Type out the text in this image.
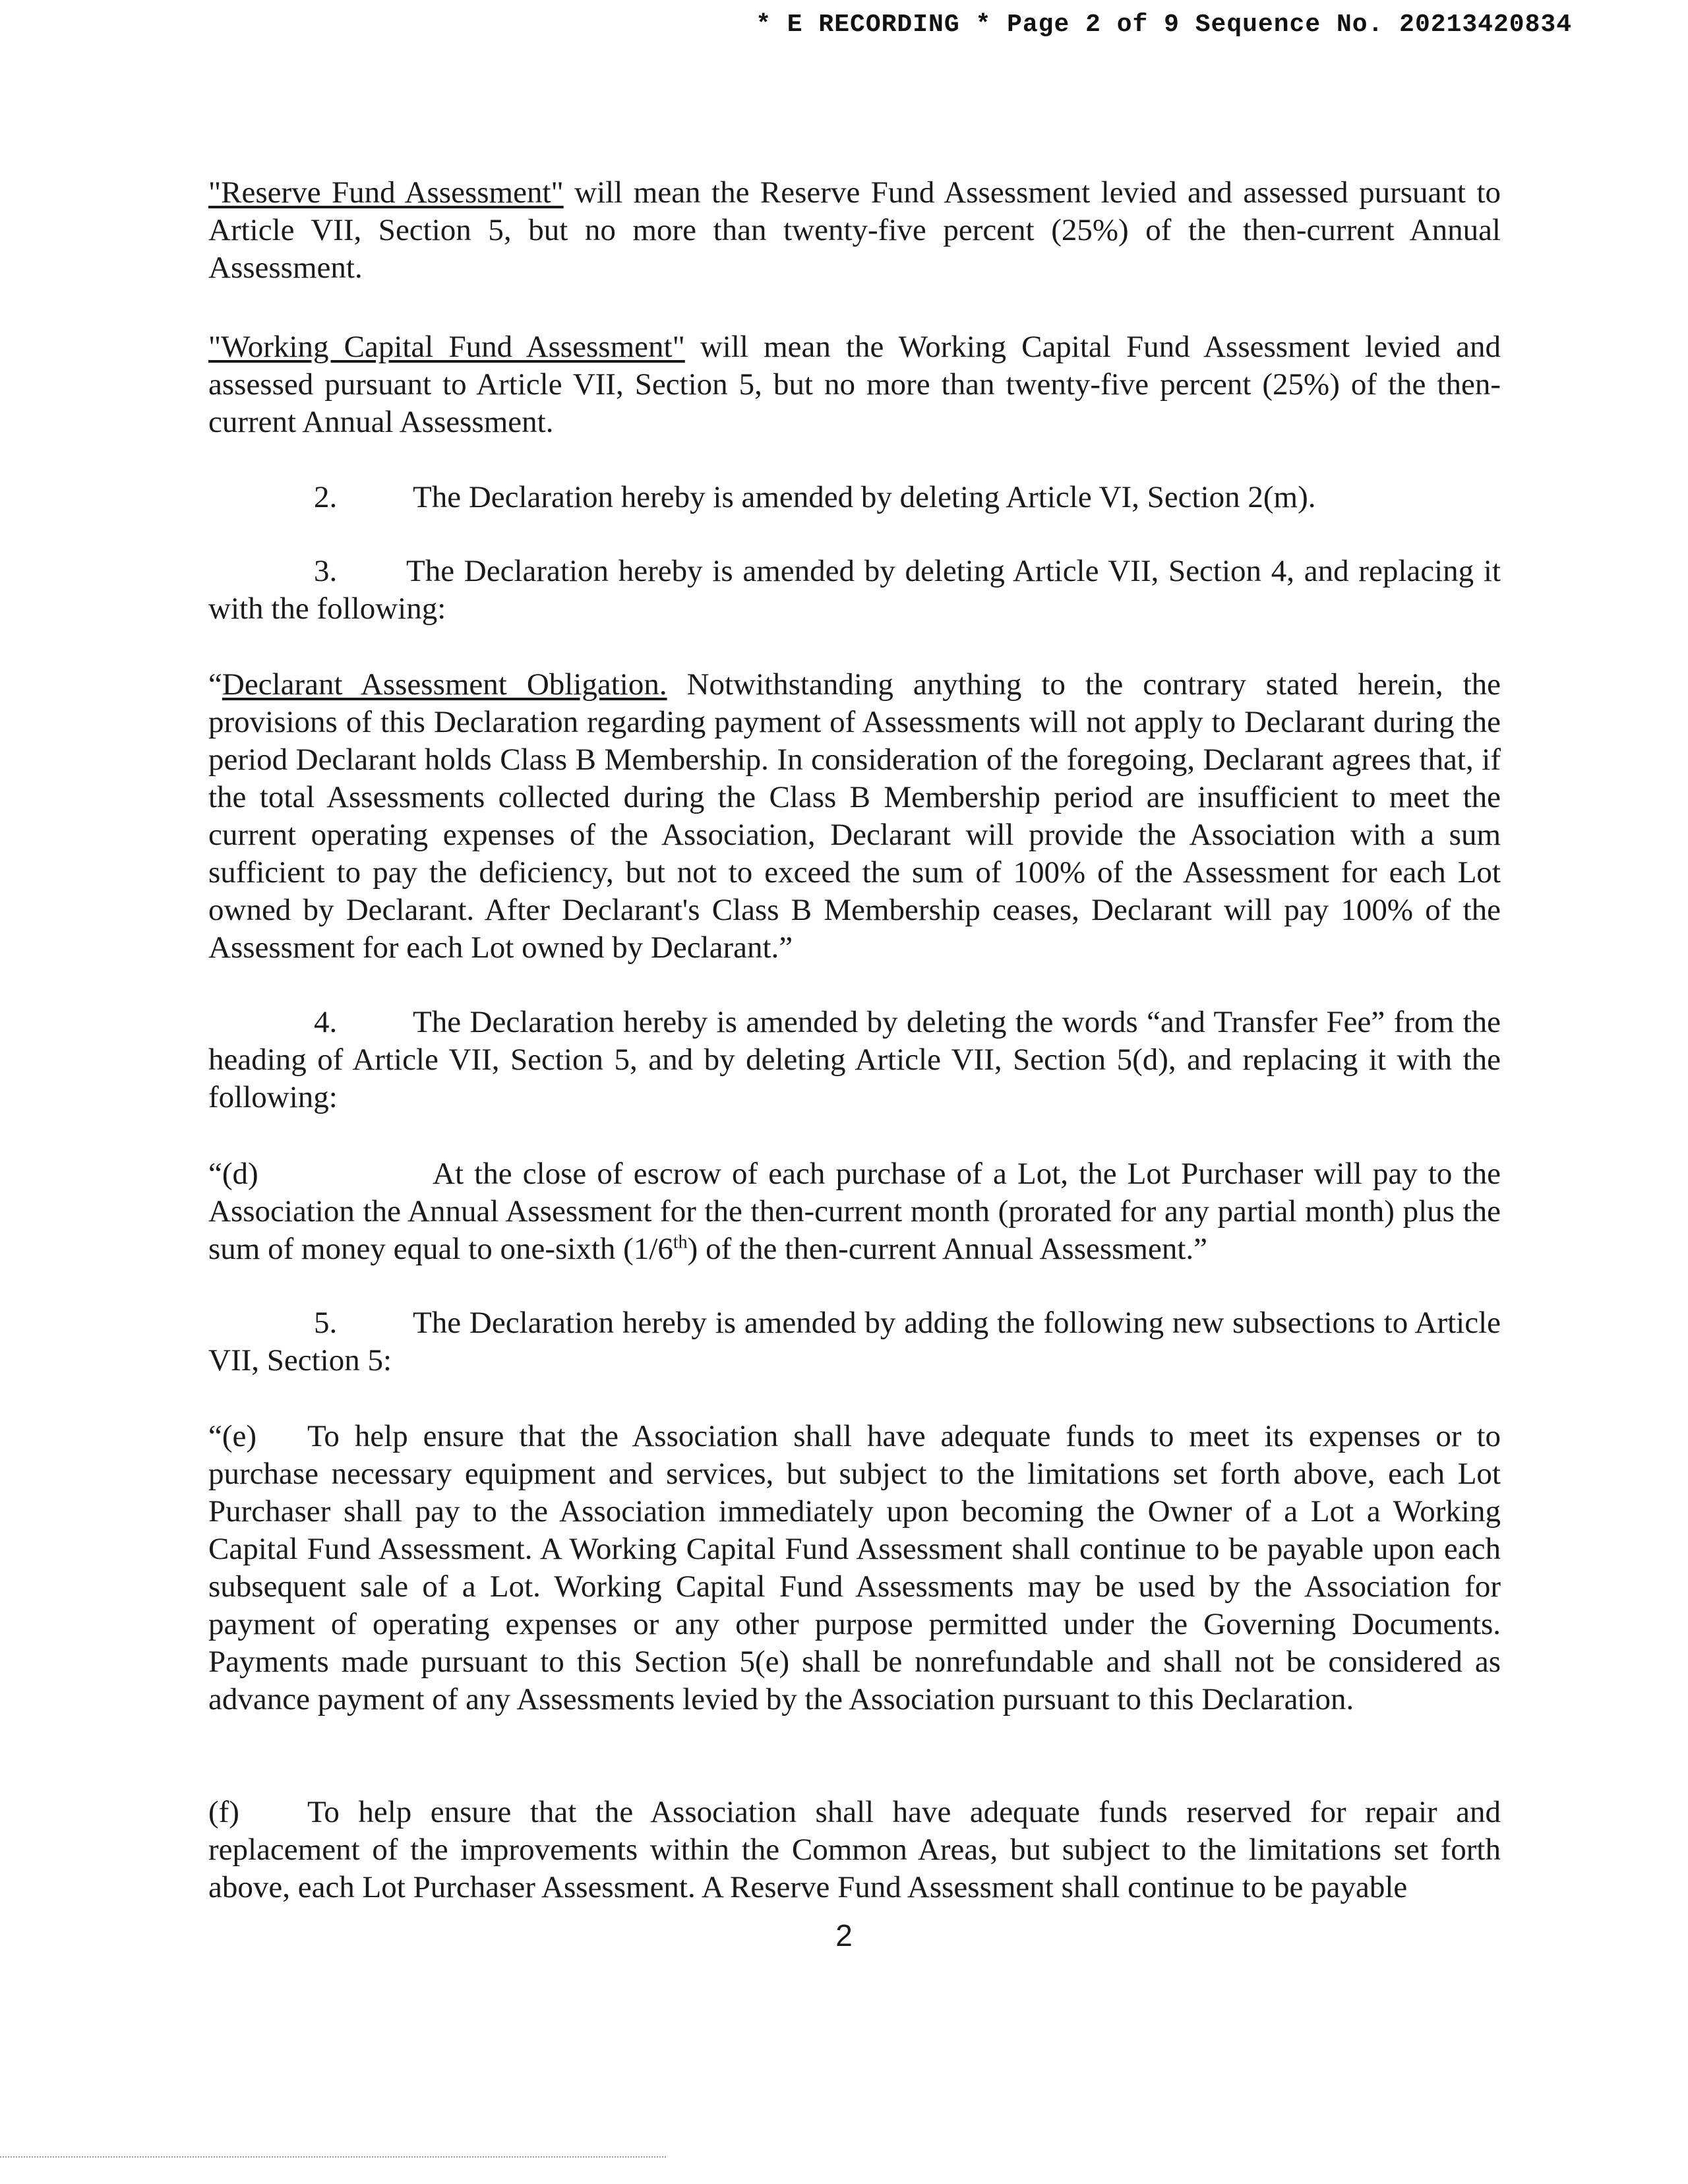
* E RECORDING * Page 2 of 9 Sequence No. 20213420834

"Reserve Fund Assessment" will mean the Reserve Fund Assessment levied and assessed pursuant to Article VII, Section 5, but no more than twenty-five percent (25%) of the then-current Annual Assessment.

"Working Capital Fund Assessment" will mean the Working Capital Fund Assessment levied and assessed pursuant to Article VII, Section 5, but no more than twenty-five percent (25%) of the then-current Annual Assessment.

2. The Declaration hereby is amended by deleting Article VI, Section 2(m).

3. The Declaration hereby is amended by deleting Article VII, Section 4, and replacing it with the following:

“Declarant Assessment Obligation. Notwithstanding anything to the contrary stated herein, the provisions of this Declaration regarding payment of Assessments will not apply to Declarant during the period Declarant holds Class B Membership. In consideration of the foregoing, Declarant agrees that, if the total Assessments collected during the Class B Membership period are insufficient to meet the current operating expenses of the Association, Declarant will provide the Association with a sum sufficient to pay the deficiency, but not to exceed the sum of 100% of the Assessment for each Lot owned by Declarant. After Declarant's Class B Membership ceases, Declarant will pay 100% of the Assessment for each Lot owned by Declarant.”

4. The Declaration hereby is amended by deleting the words “and Transfer Fee” from the heading of Article VII, Section 5, and by deleting Article VII, Section 5(d), and replacing it with the following:

“(d)	At the close of escrow of each purchase of a Lot, the Lot Purchaser will pay to the Association the Annual Assessment for the then-current month (prorated for any partial month) plus the sum of money equal to one-sixth (1/6th) of the then-current Annual Assessment.”

5. The Declaration hereby is amended by adding the following new subsections to Article VII, Section 5:

“(e) To help ensure that the Association shall have adequate funds to meet its expenses or to purchase necessary equipment and services, but subject to the limitations set forth above, each Lot Purchaser shall pay to the Association immediately upon becoming the Owner of a Lot a Working Capital Fund Assessment. A Working Capital Fund Assessment shall continue to be payable upon each subsequent sale of a Lot. Working Capital Fund Assessments may be used by the Association for payment of operating expenses or any other purpose permitted under the Governing Documents. Payments made pursuant to this Section 5(e) shall be nonrefundable and shall not be considered as advance payment of any Assessments levied by the Association pursuant to this Declaration.

(f) To help ensure that the Association shall have adequate funds reserved for repair and replacement of the improvements within the Common Areas, but subject to the limitations set forth above, each Lot Purchaser Assessment. A Reserve Fund Assessment shall continue to be payable

2
